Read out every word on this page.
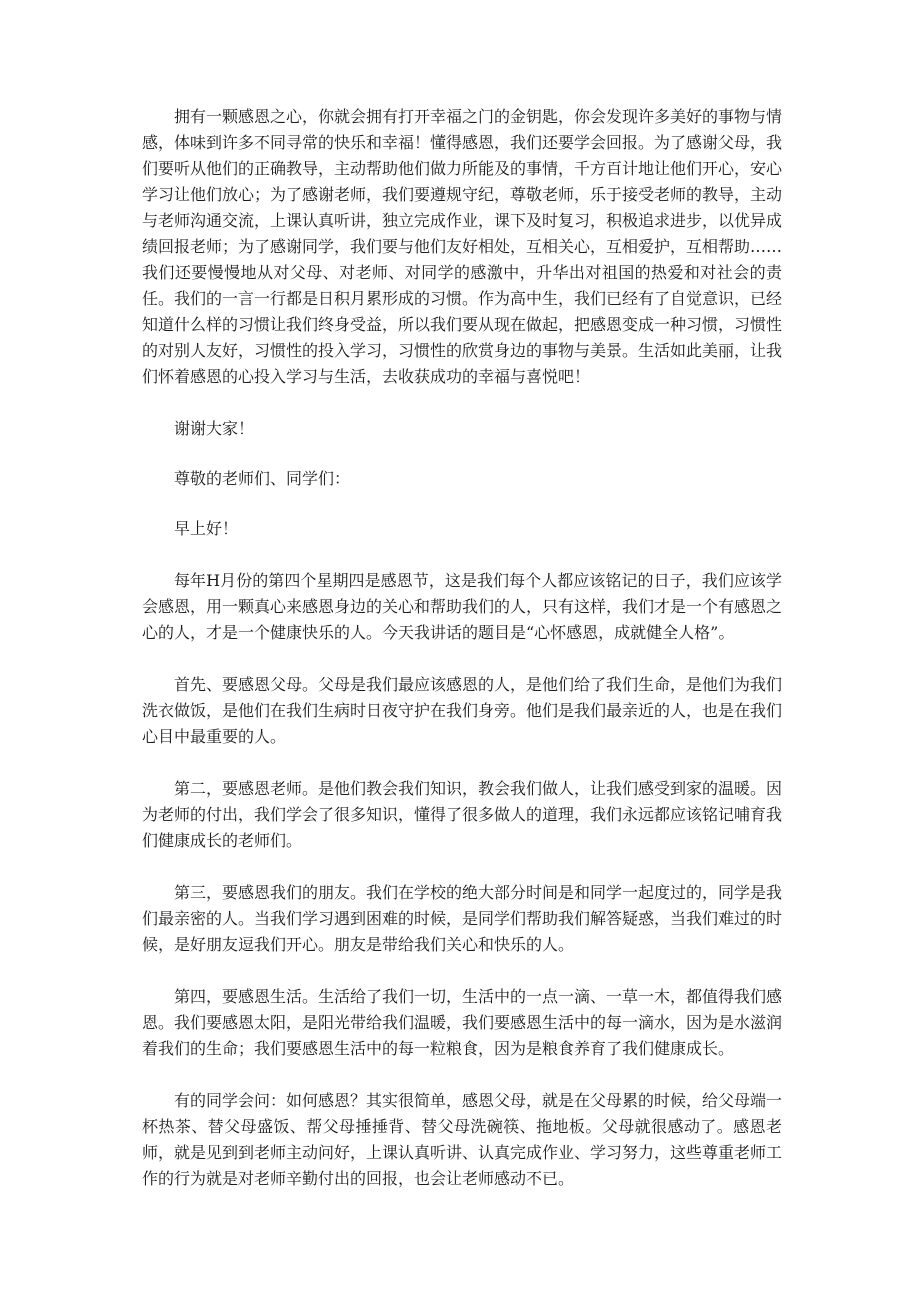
拥有一颗感恩之心，你就会拥有打开幸福之门的金钥匙，你会发现许多美好的事物与情感，体味到许多不同寻常的快乐和幸福！懂得感恩，我们还要学会回报。为了感谢父母，我们要听从他们的正确教导，主动帮助他们做力所能及的事情，千方百计地让他们开心，安心学习让他们放心；为了感谢老师，我们要遵规守纪，尊敬老师，乐于接受老师的教导，主动与老师沟通交流，上课认真听讲，独立完成作业，课下及时复习，积极追求进步，以优异成绩回报老师；为了感谢同学，我们要与他们友好相处，互相关心，互相爱护，互相帮助……我们还要慢慢地从对父母、对老师、对同学的感激中，升华出对祖国的热爱和对社会的责任。我们的一言一行都是日积月累形成的习惯。作为高中生，我们已经有了自觉意识，已经知道什么样的习惯让我们终身受益，所以我们要从现在做起，把感恩变成一种习惯，习惯性的对别人友好，习惯性的投入学习，习惯性的欣赏身边的事物与美景。生活如此美丽，让我们怀着感恩的心投入学习与生活，去收获成功的幸福与喜悦吧！

谢谢大家！

尊敬的老师们、同学们：

早上好！

每年H月份的第四个星期四是感恩节，这是我们每个人都应该铭记的日子，我们应该学会感恩，用一颗真心来感恩身边的关心和帮助我们的人，只有这样，我们才是一个有感恩之心的人，才是一个健康快乐的人。今天我讲话的题目是“心怀感恩，成就健全人格”。

首先、要感恩父母。父母是我们最应该感恩的人，是他们给了我们生命，是他们为我们洗衣做饭，是他们在我们生病时日夜守护在我们身旁。他们是我们最亲近的人，也是在我们心目中最重要的人。

第二，要感恩老师。是他们教会我们知识，教会我们做人，让我们感受到家的温暖。因为老师的付出，我们学会了很多知识，懂得了很多做人的道理，我们永远都应该铭记哺育我们健康成长的老师们。

第三，要感恩我们的朋友。我们在学校的绝大部分时间是和同学一起度过的，同学是我们最亲密的人。当我们学习遇到困难的时候，是同学们帮助我们解答疑惑，当我们难过的时候，是好朋友逗我们开心。朋友是带给我们关心和快乐的人。

第四，要感恩生活。生活给了我们一切，生活中的一点一滴、一草一木，都值得我们感恩。我们要感恩太阳，是阳光带给我们温暖，我们要感恩生活中的每一滴水，因为是水滋润着我们的生命；我们要感恩生活中的每一粒粮食，因为是粮食养育了我们健康成长。

有的同学会问：如何感恩？其实很简单，感恩父母，就是在父母累的时候，给父母端一杯热茶、替父母盛饭、帮父母捶捶背、替父母洗碗筷、拖地板。父母就很感动了。感恩老师，就是见到到老师主动问好，上课认真听讲、认真完成作业、学习努力，这些尊重老师工作的行为就是对老师辛勤付出的回报，也会让老师感动不已。
